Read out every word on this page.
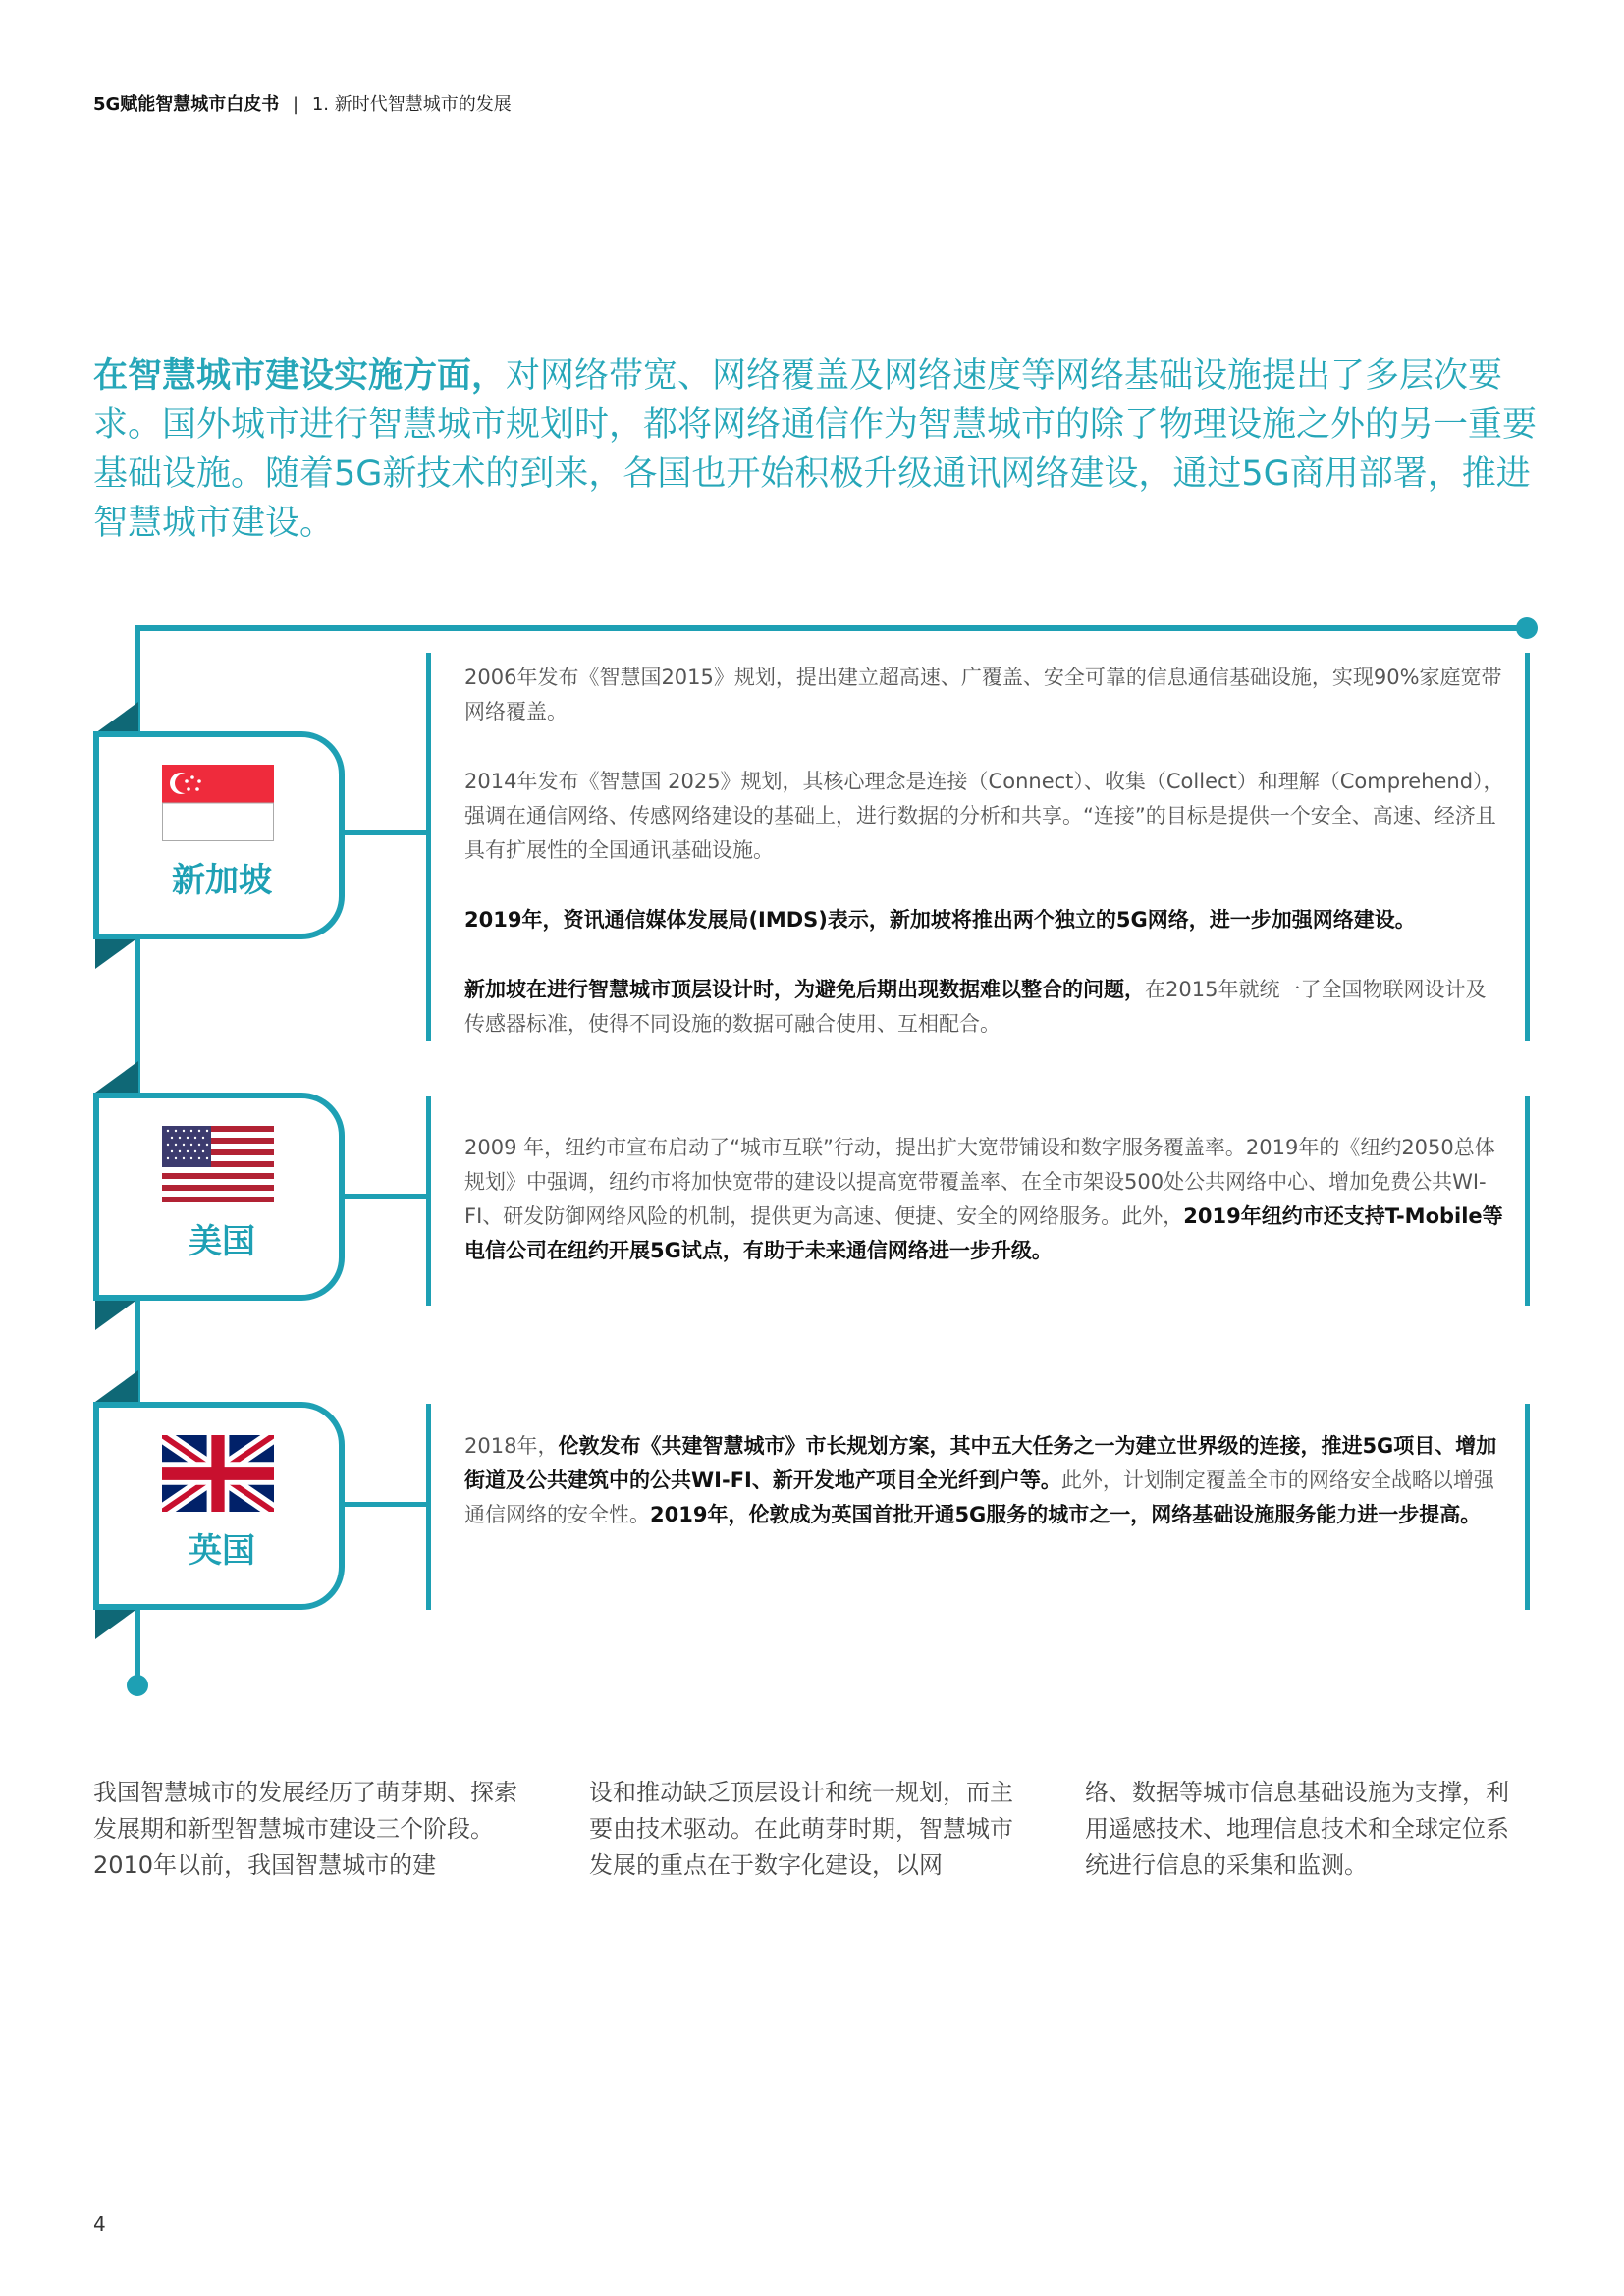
5G赋能智慧城市白皮书 | 1. 新时代智慧城市的发展
在智慧城市建设实施方面，对网络带宽、网络覆盖及网络速度等网络基础设施提出了多层次要求。国外城市进行智慧城市规划时，都将网络通信作为智慧城市的除了物理设施之外的另一重要基础设施。随着5G新技术的到来，各国也开始积极升级通讯网络建设，通过5G商用部署，推进智慧城市建设。
新加坡

2006年发布《智慧国2015》规划，提出建立超高速、广覆盖、安全可靠的信息通信基础设施，实现90%家庭宽带网络覆盖。

2014年发布《智慧国 2025》规划，其核心理念是连接（Connect）、收集（Collect）和理解（Comprehend），强调在通信网络、传感网络建设的基础上，进行数据的分析和共享。“连接”的目标是提供一个安全、高速、经济且具有扩展性的全国通讯基础设施。

2019年，资讯通信媒体发展局(IMDS)表示，新加坡将推出两个独立的5G网络，进一步加强网络建设。

新加坡在进行智慧城市顶层设计时，为避免后期出现数据难以整合的问题，在2015年就统一了全国物联网设计及传感器标准，使得不同设施的数据可融合使用、互相配合。

美国

2009 年，纽约市宣布启动了“城市互联”行动，提出扩大宽带铺设和数字服务覆盖率。2019年的《纽约2050总体规划》中强调，纽约市将加快宽带的建设以提高宽带覆盖率、在全市架设500处公共网络中心、增加免费公共WI-FI、研发防御网络风险的机制，提供更为高速、便捷、安全的网络服务。此外，2019年纽约市还支持T-Mobile等电信公司在纽约开展5G试点，有助于未来通信网络进一步升级。

英国

2018年，伦敦发布《共建智慧城市》市长规划方案，其中五大任务之一为建立世界级的连接，推进5G项目、增加街道及公共建筑中的公共WI-FI、新开发地产项目全光纤到户等。此外，计划制定覆盖全市的网络安全战略以增强通信网络的安全性。2019年，伦敦成为英国首批开通5G服务的城市之一，网络基础设施服务能力进一步提高。

我国智慧城市的发展经历了萌芽期、探索发展期和新型智慧城市建设三个阶段。2010年以前，我国智慧城市的建
设和推动缺乏顶层设计和统一规划，而主要由技术驱动。在此萌芽时期，智慧城市发展的重点在于数字化建设，以网
络、数据等城市信息基础设施为支撑，利用遥感技术、地理信息技术和全球定位系统进行信息的采集和监测。
4
